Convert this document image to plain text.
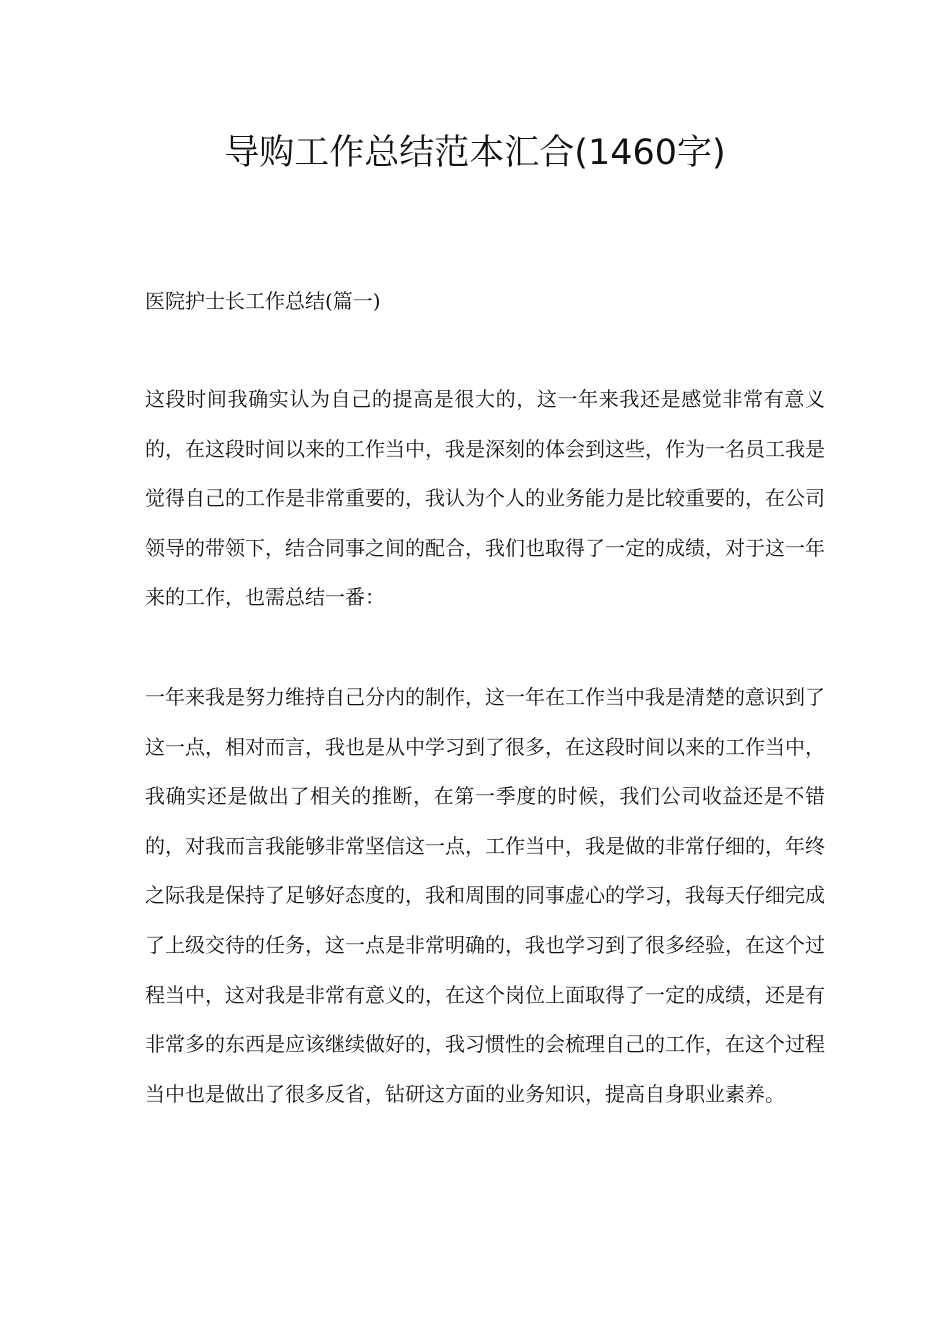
导购工作总结范本汇合(1460字)
医院护士长工作总结(篇一)

这段时间我确实认为自己的提高是很大的，这一年来我还是感觉非常有意义的，在这段时间以来的工作当中，我是深刻的体会到这些，作为一名员工我是觉得自己的工作是非常重要的，我认为个人的业务能力是比较重要的，在公司领导的带领下，结合同事之间的配合，我们也取得了一定的成绩，对于这一年来的工作，也需总结一番：

一年来我是努力维持自己分内的制作，这一年在工作当中我是清楚的意识到了这一点，相对而言，我也是从中学习到了很多，在这段时间以来的工作当中，我确实还是做出了相关的推断，在第一季度的时候，我们公司收益还是不错的，对我而言我能够非常坚信这一点，工作当中，我是做的非常仔细的，年终之际我是保持了足够好态度的，我和周围的同事虚心的学习，我每天仔细完成了上级交待的任务，这一点是非常明确的，我也学习到了很多经验，在这个过程当中，这对我是非常有意义的，在这个岗位上面取得了一定的成绩，还是有非常多的东西是应该继续做好的，我习惯性的会梳理自己的工作，在这个过程当中也是做出了很多反省，钻研这方面的业务知识，提高自身职业素养。
